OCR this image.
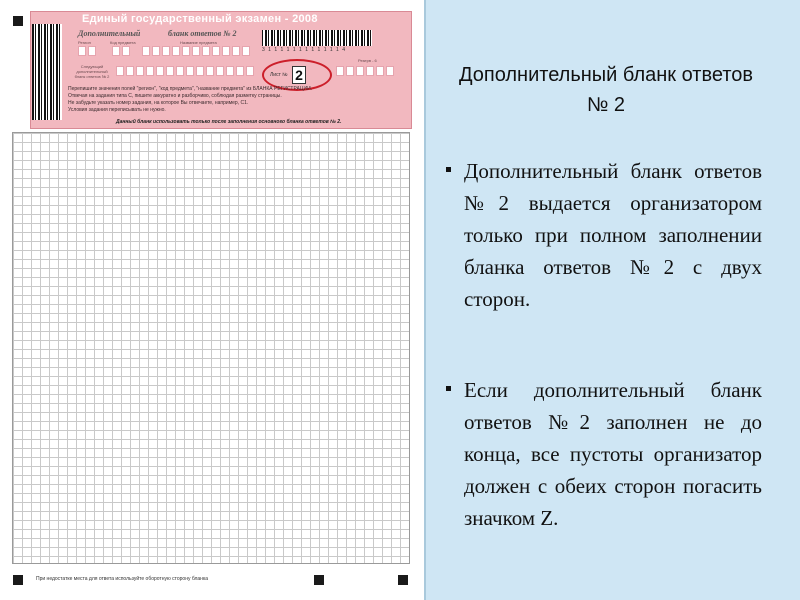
Единый государственный экзамен - 2008
Дополнительный	бланк ответов № 2
Регион	Код предмета	Название предмета
Резерв - 6
Следующий дополнительный бланк ответов № 2
3 1 1 1 1 1 1 1 1 1 1 1 1 4
Лист № 2
Перепишите значения полей "регион", "код предмета", "название предмета" из БЛАНКА РЕГИСТРАЦИИ.
Отвечая на задания типа С, пишите аккуратно и разборчиво, соблюдая разметку страницы.
Не забудьте указать номер задания, на которое Вы отвечаете, например, С1.
Условия задания переписывать не нужно.
Данный бланк использовать только после заполнения основного бланка ответов № 2.
При недостатке места для ответа используйте оборотную сторону бланка
Дополнительный бланк ответов № 2
Дополнительный бланк ответов №2 выдается организатором только при полном заполнении бланка ответов №2 с двух сторон.
Если дополнительный бланк ответов №2 заполнен не до конца, все пустоты организатор должен с обеих сторон погасить значком Z.
